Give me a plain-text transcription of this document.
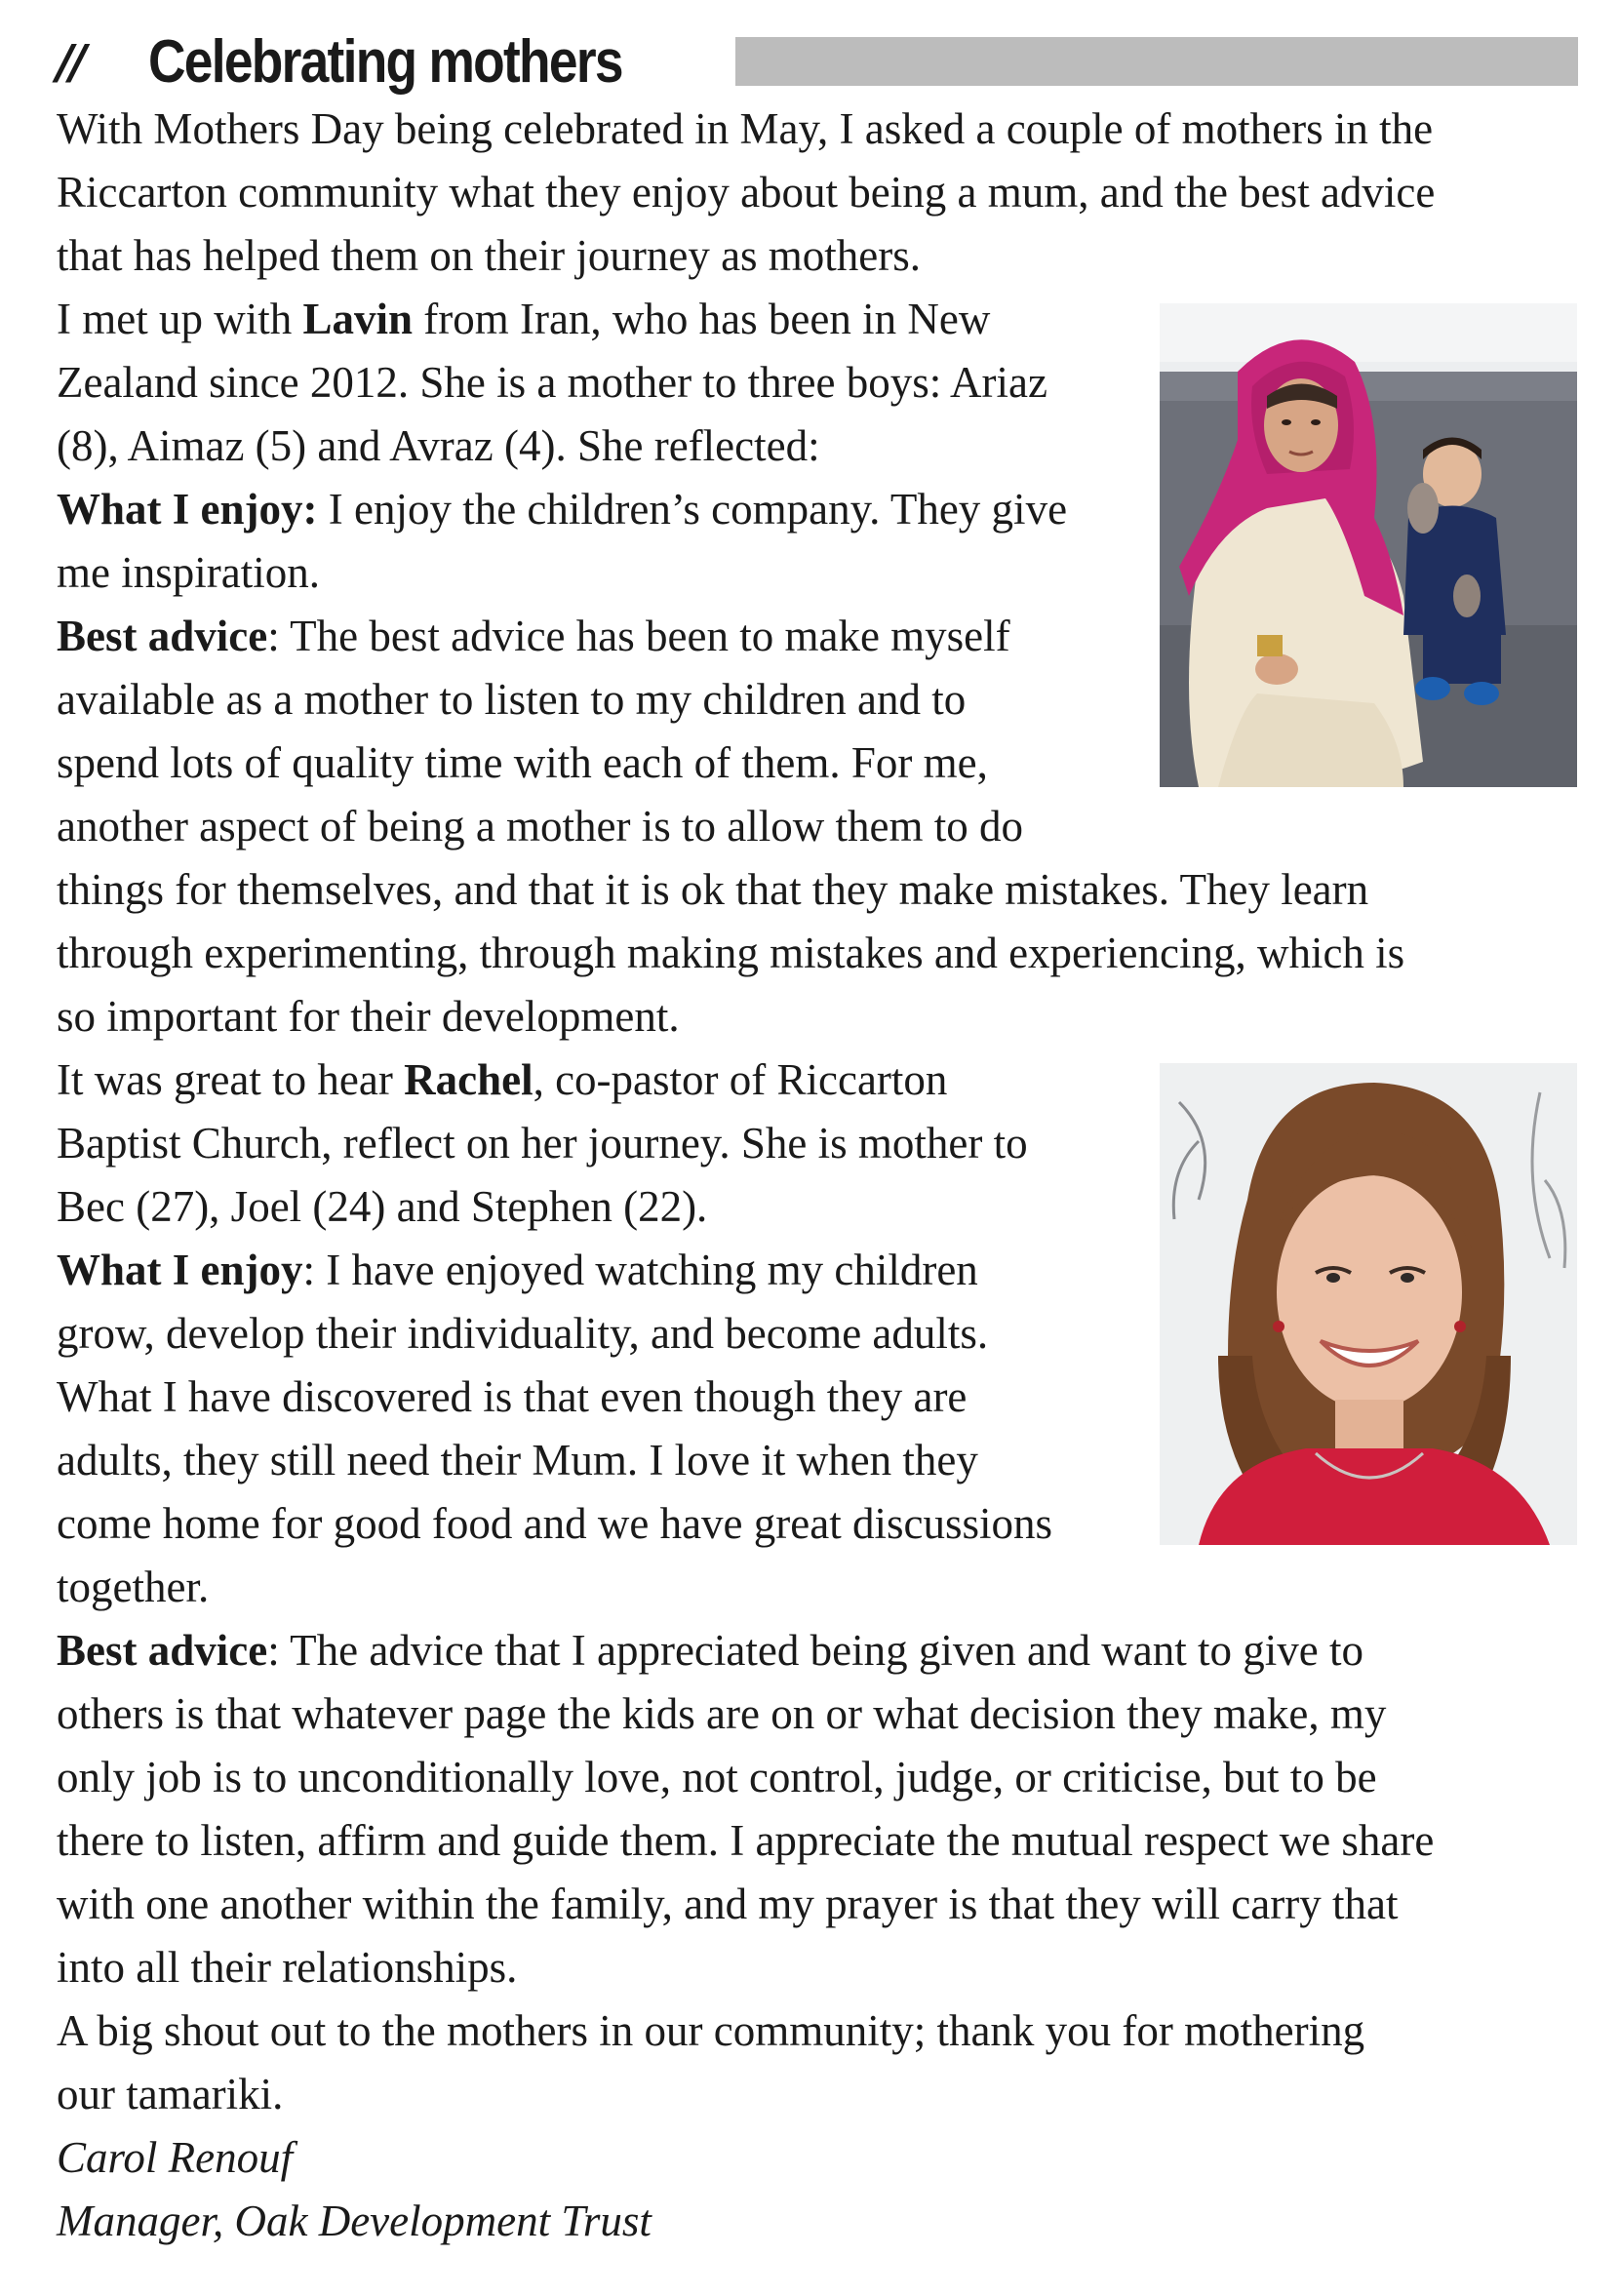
// Celebrating mothers
With Mothers Day being celebrated in May, I asked a couple of mothers in the
Riccarton community what they enjoy about being a mum, and the best advice
that has helped them on their journey as mothers.
I met up with Lavin from Iran, who has been in New
Zealand since 2012. She is a mother to three boys: Ariaz
(8), Aimaz (5) and Avraz (4). She reflected:
What I enjoy: I enjoy the children’s company. They give
me inspiration.
Best advice: The best advice has been to make myself
available as a mother to listen to my children and to
spend lots of quality time with each of them. For me,
another aspect of being a mother is to allow them to do
things for themselves, and that it is ok that they make mistakes. They learn
through experimenting, through making mistakes and experiencing, which is
so important for their development.
It was great to hear Rachel, co-pastor of Riccarton
Baptist Church, reflect on her journey. She is mother to
Bec (27), Joel (24) and Stephen (22).
What I enjoy: I have enjoyed watching my children
grow, develop their individuality, and become adults.
What I have discovered is that even though they are
adults, they still need their Mum. I love it when they
come home for good food and we have great discussions
together.
Best advice: The advice that I appreciated being given and want to give to
others is that whatever page the kids are on or what decision they make, my
only job is to unconditionally love, not control, judge, or criticise, but to be
there to listen, affirm and guide them. I appreciate the mutual respect we share
with one another within the family, and my prayer is that they will carry that
into all their relationships.
A big shout out to the mothers in our community; thank you for mothering
our tamariki.
Carol Renouf
Manager, Oak Development Trust
